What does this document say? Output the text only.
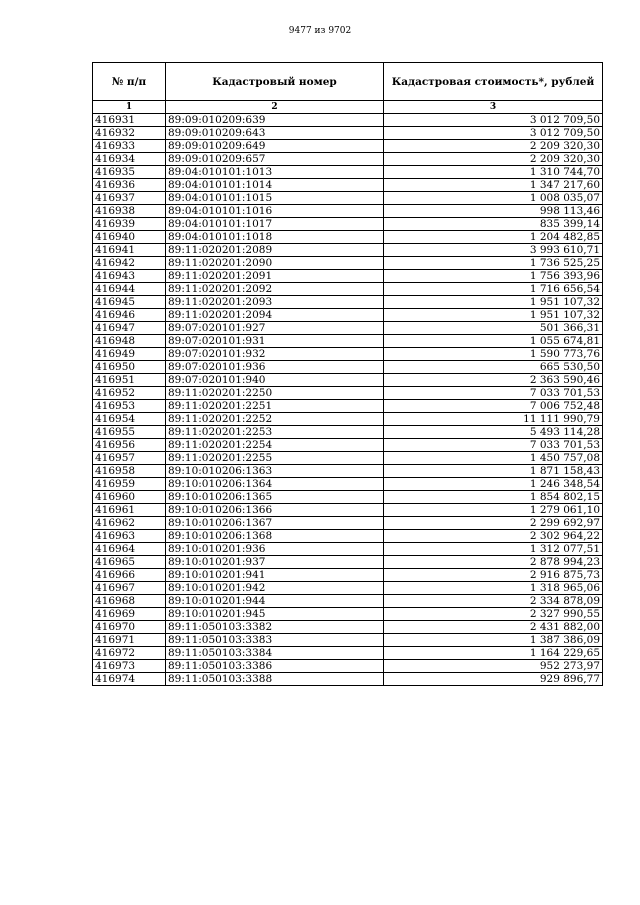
9477 из 9702
№ п/п	Кадастровый номер	Кадастровая стоимость*, рублей
1	2	3
416931	89:09:010209:639	3 012 709,50
416932	89:09:010209:643	3 012 709,50
416933	89:09:010209:649	2 209 320,30
416934	89:09:010209:657	2 209 320,30
416935	89:04:010101:1013	1 310 744,70
416936	89:04:010101:1014	1 347 217,60
416937	89:04:010101:1015	1 008 035,07
416938	89:04:010101:1016	998 113,46
416939	89:04:010101:1017	835 399,14
416940	89:04:010101:1018	1 204 482,85
416941	89:11:020201:2089	3 993 610,71
416942	89:11:020201:2090	1 736 525,25
416943	89:11:020201:2091	1 756 393,96
416944	89:11:020201:2092	1 716 656,54
416945	89:11:020201:2093	1 951 107,32
416946	89:11:020201:2094	1 951 107,32
416947	89:07:020101:927	501 366,31
416948	89:07:020101:931	1 055 674,81
416949	89:07:020101:932	1 590 773,76
416950	89:07:020101:936	665 530,50
416951	89:07:020101:940	2 363 590,46
416952	89:11:020201:2250	7 033 701,53
416953	89:11:020201:2251	7 006 752,48
416954	89:11:020201:2252	11 111 990,79
416955	89:11:020201:2253	5 493 114,28
416956	89:11:020201:2254	7 033 701,53
416957	89:11:020201:2255	1 450 757,08
416958	89:10:010206:1363	1 871 158,43
416959	89:10:010206:1364	1 246 348,54
416960	89:10:010206:1365	1 854 802,15
416961	89:10:010206:1366	1 279 061,10
416962	89:10:010206:1367	2 299 692,97
416963	89:10:010206:1368	2 302 964,22
416964	89:10:010201:936	1 312 077,51
416965	89:10:010201:937	2 878 994,23
416966	89:10:010201:941	2 916 875,73
416967	89:10:010201:942	1 318 965,06
416968	89:10:010201:944	2 334 878,09
416969	89:10:010201:945	2 327 990,55
416970	89:11:050103:3382	2 431 882,00
416971	89:11:050103:3383	1 387 386,09
416972	89:11:050103:3384	1 164 229,65
416973	89:11:050103:3386	952 273,97
416974	89:11:050103:3388	929 896,77
